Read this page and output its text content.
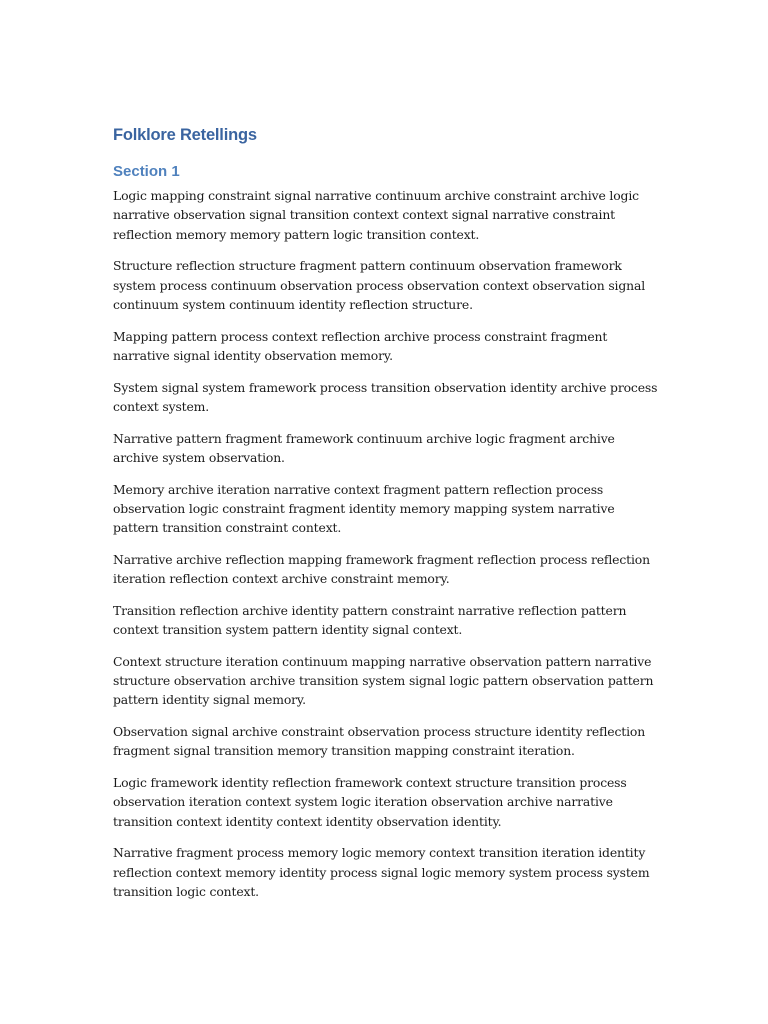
Folklore Retellings
Section 1

Logic mapping constraint signal narrative continuum archive constraint archive logic narrative observation signal transition context context signal narrative constraint reflection memory memory pattern logic transition context.

Structure reflection structure fragment pattern continuum observation framework system process continuum observation process observation context observation signal continuum system continuum identity reflection structure.

Mapping pattern process context reflection archive process constraint fragment narrative signal identity observation memory.

System signal system framework process transition observation identity archive process context system.

Narrative pattern fragment framework continuum archive logic fragment archive archive system observation.

Memory archive iteration narrative context fragment pattern reflection process observation logic constraint fragment identity memory mapping system narrative pattern transition constraint context.

Narrative archive reflection mapping framework fragment reflection process reflection iteration reflection context archive constraint memory.

Transition reflection archive identity pattern constraint narrative reflection pattern context transition system pattern identity signal context.

Context structure iteration continuum mapping narrative observation pattern narrative structure observation archive transition system signal logic pattern observation pattern pattern identity signal memory.

Observation signal archive constraint observation process structure identity reflection fragment signal transition memory transition mapping constraint iteration.

Logic framework identity reflection framework context structure transition process observation iteration context system logic iteration observation archive narrative transition context identity context identity observation identity.

Narrative fragment process memory logic memory context transition iteration identity reflection context memory identity process signal logic memory system process system transition logic context.
